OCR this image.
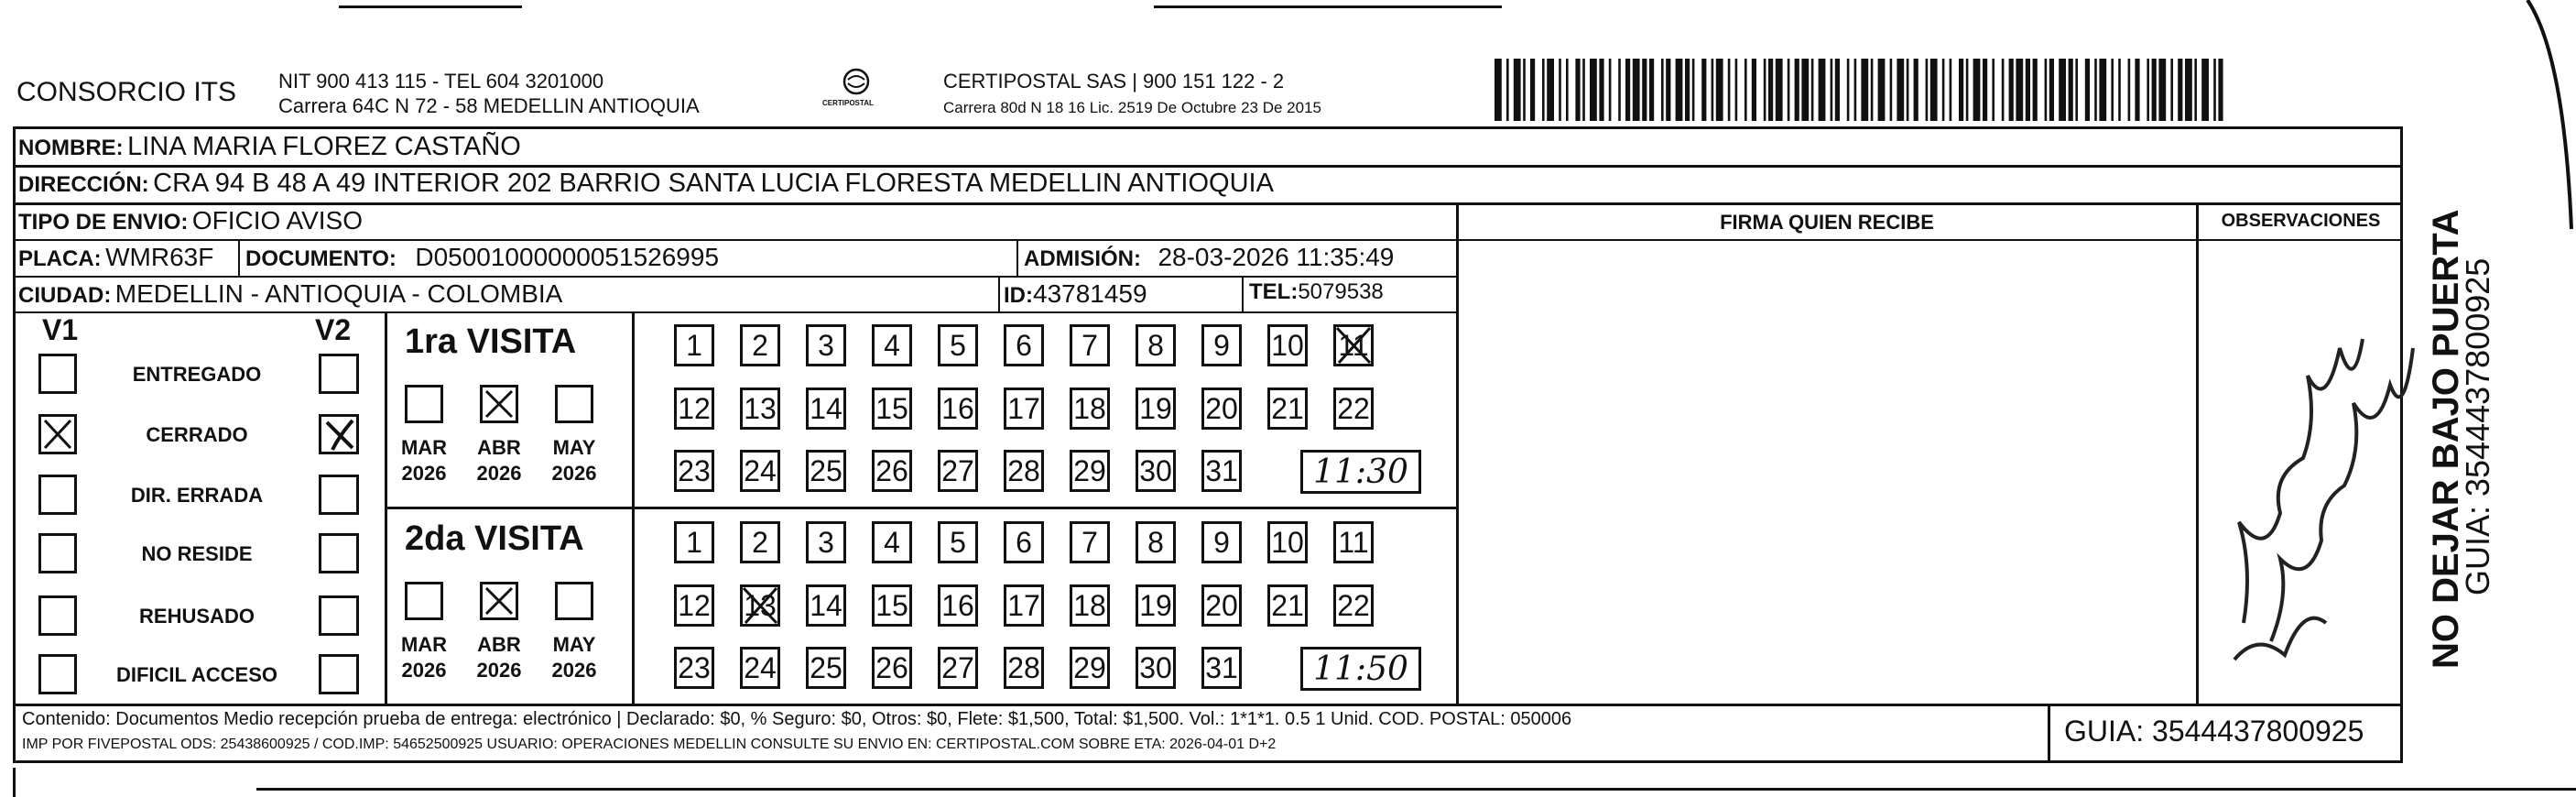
CONSORCIO ITS NIT 900 413 115 - TEL 604 3201000
Carrera 64C N 72 - 58 MEDELLIN ANTIOQUIA	CERTIPOSTAL
CERTIPOSTAL SAS | 900 151 122 - 2
Carrera 80d N 18 16 Lic. 2519 De Octubre 23 De 2015
NOMBRE: LINA MARIA FLOREZ CASTAÑO
DIRECCIÓN: CRA 94 B 48 A 49 INTERIOR 202 BARRIO SANTA LUCIA FLORESTA MEDELLIN ANTIOQUIA
TIPO DE ENVIO: OFICIO AVISO
PLACA: WMR63F DOCUMENTO: D05001000000051526995	ADMISIÓN: 28-03-2026 11:35:49
CIUDAD: MEDELLIN - ANTIOQUIA - COLOMBIA	ID:43781459	TEL:5079538
FIRMA QUIEN RECIBE	OBSERVACIONES
V1	V2
ENTREGADO
CERRADO
DIR. ERRADA
NO RESIDE
REHUSADO
DIFICIL ACCESO
1ra VISITA
MAR
2026
ABR
2026
MAY
2026
1	2	3	4	5	6	7	8	9	10 11
12 13 14 15 16 17 18 19 20 21 22
23 24 25 26 27 28 29 30 31	11:30
2da VISITA
MAR
2026
ABR
2026
MAY
2026
1	2	3	4	5	6	7	8	9	10 11
12 13 14 15 16 17 18 19 20 21 22
23 24 25 26 27 28 29 30 31	11:50
Contenido: Documentos Medio recepción prueba de entrega: electrónico | Declarado: $0, % Seguro: $0, Otros: $0, Flete: $1,500, Total: $1,500. Vol.: 1*1*1. 0.5 1 Unid. COD. POSTAL: 050006
IMP POR FIVEPOSTAL ODS: 25438600925 / COD.IMP: 54652500925 USUARIO: OPERACIONES MEDELLIN CONSULTE SU ENVIO EN: CERTIPOSTAL.COM SOBRE ETA: 2026-04-01 D+2	GUIA: 3544437800925
NO DEJAR BAJO PUERTA
GUIA: 3544437800925
